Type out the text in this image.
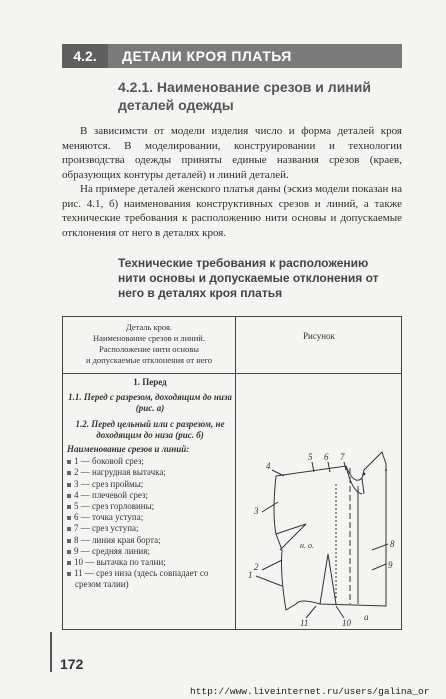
4.2.	ДЕТАЛИ КРОЯ ПЛАТЬЯ
4.2.1. Наименование срезов и линий деталей одежды
В зависимсти от модели изделия число и форма деталей кроя меняются. В моделировании, конструировании и технологии производства одежды приняты единые названия срезов (краев, образующих контуры деталей) и линий деталей.
На примере деталей женского платья даны (эскиз модели показан на рис. 4.1, б) наименования конструктивных срезов и линий, а также технические требования к расположению нити основы и допускаемые отклонения от него в деталях кроя.
Технические требования к расположению нити основы и допускаемые отклонения от него в деталях кроя платья
Деталь кроя.
Наименование срезов и линий.
Расположение нити основы
и допускаемые отклонения от него
Рисунок
1. Перед
1.1. Перед с разрезом, доходящим до низа (рис. а)
1.2. Перед цельный или с разрезом, не доходящим до низа (рис. б)
Наименование срезов и линий:
1 — боковой срез;
2 — нагрудная вытачка;
3 — срез проймы;
4 — плечевой срез;
5 — срез горловины;
6 — точка уступа;
7 — срез уступа;
8 — линия края борта;
9 — средняя линия;
10 — вытачка по талии;
11 — срез низа (здесь совпадает со срезом талии)
4
5 6 7
3
8
9
2
1
11	10
н. о.
а
172
http://www.liveinternet.ru/users/galina_or
